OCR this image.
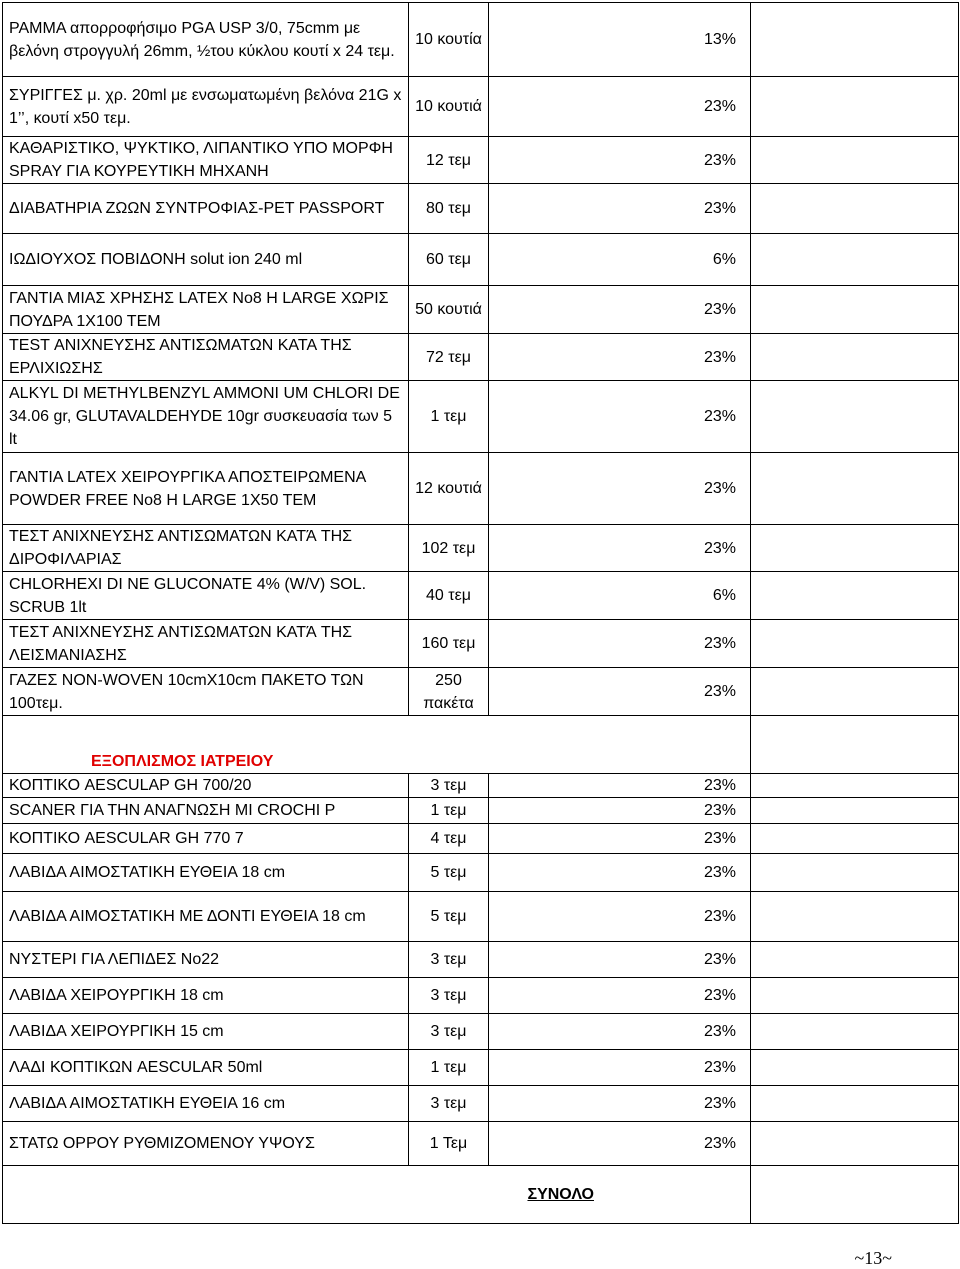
ΡΑΜΜΑ απορροφήσιμο PGA USP 3/0, 75cmm με βελόνη στρογγυλή 26mm, ½του κύκλου κουτί x 24 τεμ.	10 κουτία	13%	
ΣΥΡΙΓΓΕΣ μ. χρ. 20ml με ενσωματωμένη βελόνα 21G x 1’’, κουτί x50 τεμ.	10 κουτιά	23%	
ΚΑΘΑΡΙΣΤΙΚΟ, ΨΥΚΤΙΚΟ, ΛΙΠΑΝΤΙΚΟ ΥΠΟ ΜΟΡΦΗ SPRAY ΓΙΑ ΚΟΥΡΕΥΤΙΚΗ ΜΗΧΑΝΗ	12 τεμ	23%	
ΔΙΑΒΑΤΗΡΙΑ ΖΩΩΝ ΣΥΝΤΡΟΦΙΑΣ-PET PASSPORT	80 τεμ	23%	
ΙΩΔΙΟΥΧΟΣ ΠΟΒΙΔΟΝΗ solut ion 240 ml	60 τεμ	6%	
ΓΑΝΤΙΑ ΜΙΑΣ ΧΡΗΣΗΣ LATEX No8 H LARGE ΧΩΡΙΣ ΠΟΥΔΡΑ 1Χ100 ΤΕΜ	50 κουτιά	23%	
TEST ΑΝΙΧΝΕΥΣΗΣ ΑΝΤΙΣΩΜΑΤΩΝ ΚΑΤΑ ΤΗΣ ΕΡΛΙΧΙΩΣΗΣ	72 τεμ	23%	
ALKYL DI METHYLBENZYL AMMONI UM CHLORI DE 34.06 gr, GLUTAVALDEHYDE 10gr συσκευασία των 5 lt	1 τεμ	23%	
ΓΑΝΤΙΑ LATEX ΧΕΙΡΟΥΡΓΙΚΑ ΑΠΟΣΤΕΙΡΩΜΕΝΑ POWDER FREE No8 H LARGE 1X50 TEM	12 κουτιά	23%	
ΤΕΣΤ ΑΝΙΧΝΕΥΣΗΣ ΑΝΤΙΣΩΜΑΤΩΝ ΚΑΤΆ ΤΗΣ ΔΙΡΟΦΙΛΑΡΙΑΣ	102 τεμ	23%	
CHLORHEXI DI NE GLUCONATE 4% (W/V) SOL. SCRUB 1lt	40 τεμ	6%	
ΤΕΣΤ ΑΝΙΧΝΕΥΣΗΣ ΑΝΤΙΣΩΜΑΤΩΝ ΚΑΤΆ ΤΗΣ ΛΕΙΣΜΑΝΙΑΣΗΣ	160 τεμ	23%	
ΓΑΖΕΣ NON-WOVEN 10cmX10cm ΠΑΚΕΤΟ ΤΩΝ 100τεμ.	250 πακέτα	23%	
ΕΞΟΠΛΙΣΜΟΣ ΙΑΤΡΕΙΟΥ			
ΚΟΠΤΙΚΟ AESCULAP GH 700/20	3 τεμ	23%	
SCANER ΓΙΑ ΤΗΝ ΑΝΑΓΝΩΣΗ MI CROCHI P	1 τεμ	23%	
ΚΟΠΤΙΚΟ AESCULAR GH 770 7	4 τεμ	23%	
ΛΑΒΙΔΑ ΑΙΜΟΣΤΑΤΙΚΗ ΕΥΘΕΙΑ 18 cm	5 τεμ	23%	
ΛΑΒΙΔΑ ΑΙΜΟΣΤΑΤΙΚΗ ΜΕ ΔΟΝΤΙ ΕΥΘΕΙΑ 18 cm	5 τεμ	23%	
ΝΥΣΤΕΡΙ ΓΙΑ ΛΕΠΙΔΕΣ No22	3 τεμ	23%	
ΛΑΒΙΔΑ ΧΕΙΡΟΥΡΓΙΚΗ 18 cm	3 τεμ	23%	
ΛΑΒΙΔΑ ΧΕΙΡΟΥΡΓΙΚΗ 15 cm	3 τεμ	23%	
ΛΑΔΙ ΚΟΠΤΙΚΩΝ AESCULAR 50ml	1 τεμ	23%	
ΛΑΒΙΔΑ ΑΙΜΟΣΤΑΤΙΚΗ ΕΥΘΕΙΑ 16 cm	3 τεμ	23%	
ΣΤΑΤΩ ΟΡΡΟΥ ΡΥΘΜΙΖΟΜΕΝΟΥ ΥΨΟΥΣ	1 Τεμ	23%	
ΣΥΝΟΛΟ			
~13~
